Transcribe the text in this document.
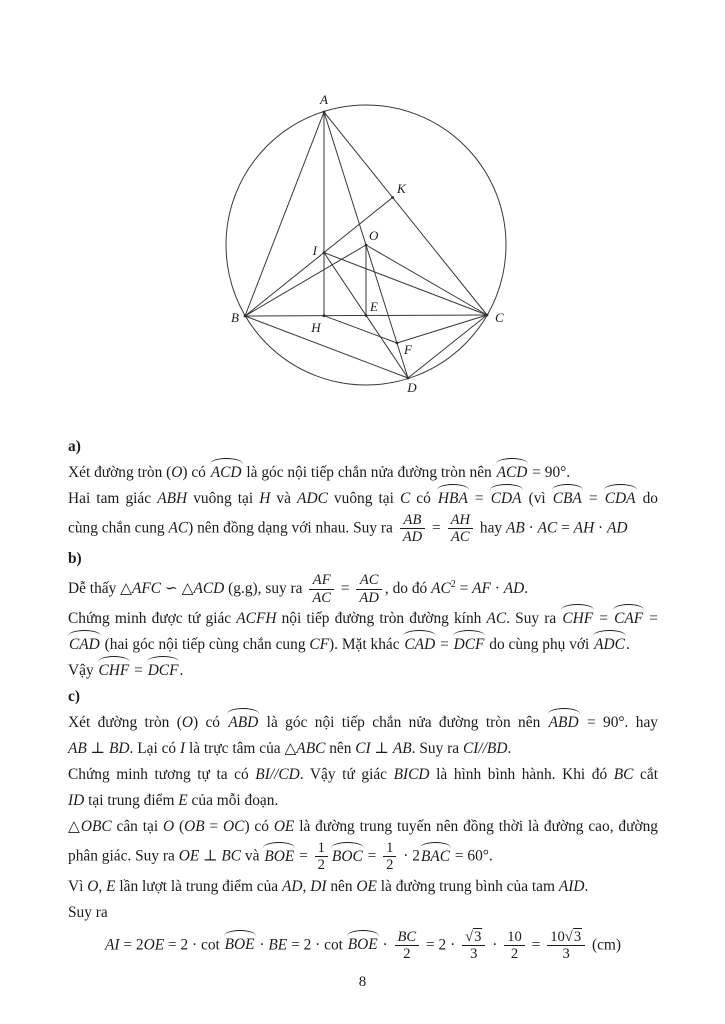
A
B	C
D
O
I
H
E
K
F
a)
Xét đường tròn (O) có ACD là góc nội tiếp chắn nửa đường tròn nên ACD = 90°.
Hai tam giác ABH vuông tại H và ADC vuông tại C có HBA = CDA (vì CBA = CDA do
cùng chắn cung AC) nên đồng dạng với nhau. Suy ra $\frac{AB}{AD} = \frac{AH}{AC}$ hay AB · AC = AH · AD
b)
Dễ thấy △AFC ∽ △ACD (g.g), suy ra $\frac{AF}{AC} = \frac{AC}{AD}$ , do đó $AC^2$ = AF · AD.
Chứng minh được tứ giác ACFH nội tiếp đường tròn đường kính AC. Suy ra CHF = CAF =
CAD (hai góc nội tiếp cùng chắn cung CF). Mặt khác CAD = DCF do cùng phụ với ADC.
Vậy CHF = DCF.
c)
Xét đường tròn (O) có ABD là góc nội tiếp chắn nửa đường tròn nên ABD = 90°. hay
AB ⊥ BD. Lại có I là trực tâm của △ABC nên CI ⊥ AB. Suy ra CI//BD.
Chứng minh tương tự ta có BI//CD. Vậy tứ giác BICD là hình bình hành. Khi đó BC cắt
ID tại trung điểm E của mỗi đoạn.
△OBC cân tại O (OB = OC) có OE là đường trung tuyến nên đồng thời là đường cao, đường
phân giác. Suy ra OE ⊥ BC và BOE = $\frac{1}{2}$ BOC = $\frac{1}{2} \cdot 2BAC = 60^\circ$.
Vì O, E lần lượt là trung điểm của AD, DI nên OE là đường trung bình của tam AID.
Suy ra
AI = 2OE = 2 · cot BOE · BE = 2 · cot BOE · $\frac{BC}{2} = 2 \cdot \frac{√3}{3} \cdot \frac{10}{2} = \frac{10√3}{3} (cm)$
8
